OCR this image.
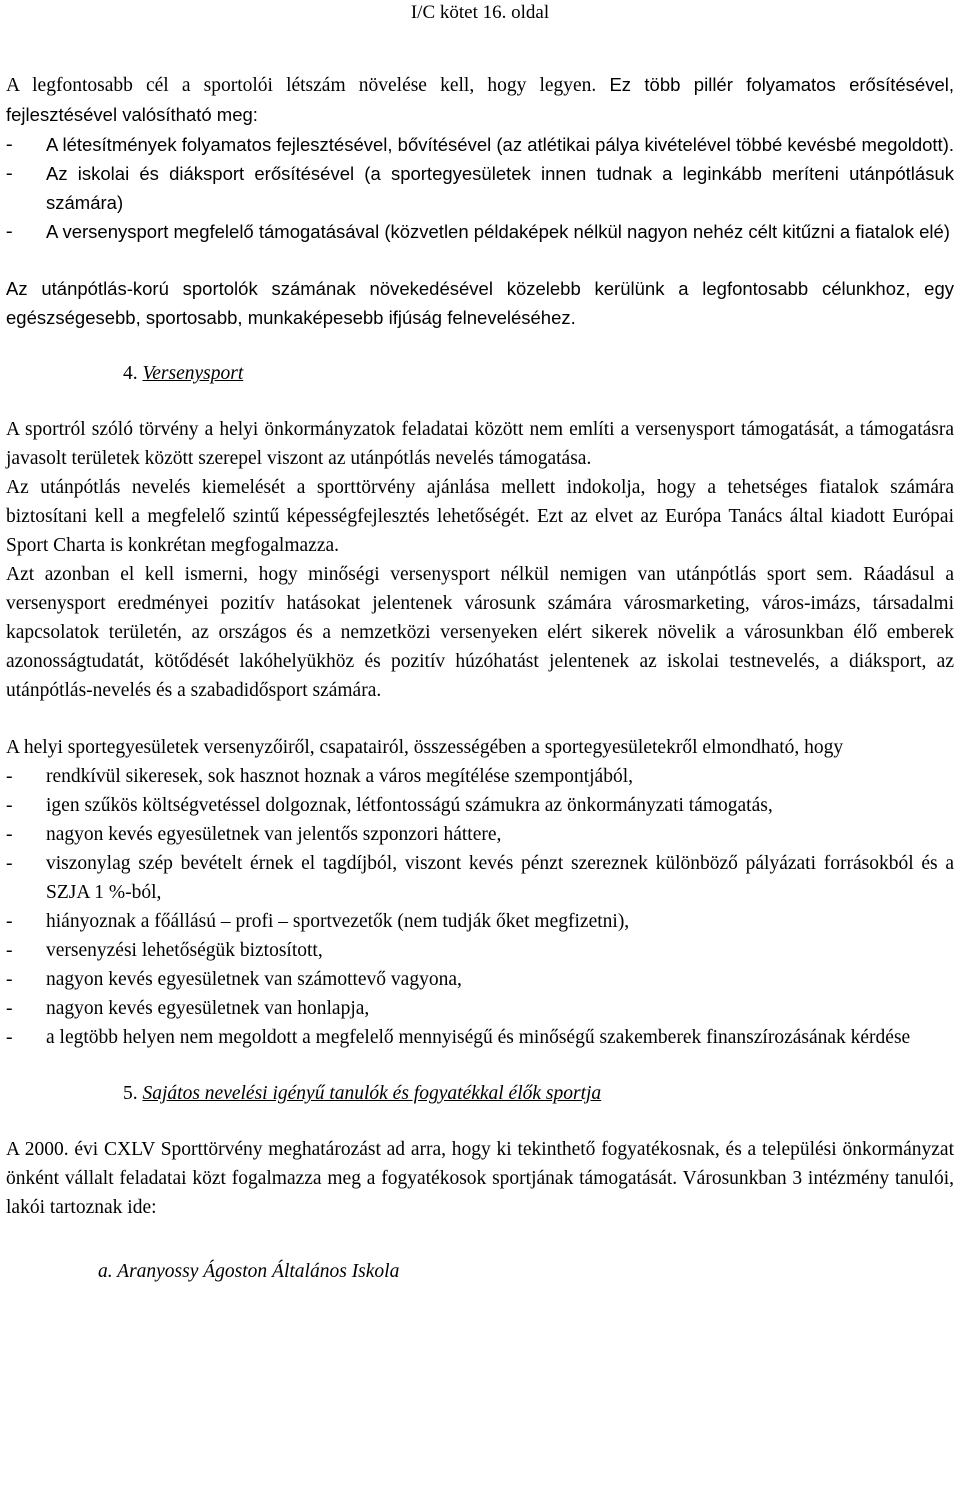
I/C kötet 16. oldal

A legfontosabb cél a sportolói létszám növelése kell, hogy legyen. Ez több pillér folyamatos erősítésével, fejlesztésével valósítható meg:

-	A létesítmények folyamatos fejlesztésével, bővítésével (az atlétikai pálya kivételével többé kevésbé megoldott).
-	Az iskolai és diáksport erősítésével (a sportegyesületek innen tudnak a leginkább meríteni utánpótlásuk számára)
-	A versenysport megfelelő támogatásával (közvetlen példaképek nélkül nagyon nehéz célt kitűzni a fiatalok elé)

Az utánpótlás-korú sportolók számának növekedésével közelebb kerülünk a legfontosabb célunkhoz, egy egészségesebb, sportosabb, munkaképesebb ifjúság felneveléséhez.

4. Versenysport

A sportról szóló törvény a helyi önkormányzatok feladatai között nem említi a versenysport támogatását, a támogatásra javasolt területek között szerepel viszont az utánpótlás nevelés támogatása.

Az utánpótlás nevelés kiemelését a sporttörvény ajánlása mellett indokolja, hogy a tehetséges fiatalok számára biztosítani kell a megfelelő szintű képességfejlesztés lehetőségét. Ezt az elvet az Európa Tanács által kiadott Európai Sport Charta is konkrétan megfogalmazza.

Azt azonban el kell ismerni, hogy minőségi versenysport nélkül nemigen van utánpótlás sport sem. Ráadásul a versenysport eredményei pozitív hatásokat jelentenek városunk számára városmarketing, város-imázs, társadalmi kapcsolatok területén, az országos és a nemzetközi versenyeken elért sikerek növelik a városunkban élő emberek azonosságtudatát, kötődését lakóhelyükhöz és pozitív húzóhatást jelentenek az iskolai testnevelés, a diáksport, az utánpótlás-nevelés és a szabadidősport számára.

A helyi sportegyesületek versenyzőiről, csapatairól, összességében a sportegyesületekről elmondható, hogy

-	rendkívül sikeresek, sok hasznot hoznak a város megítélése szempontjából,
-	igen szűkös költségvetéssel dolgoznak, létfontosságú számukra az önkormányzati támogatás,
-	nagyon kevés egyesületnek van jelentős szponzori háttere,
-	viszonylag szép bevételt érnek el tagdíjból, viszont kevés pénzt szereznek különböző pályázati forrásokból és a SZJA 1 %-ból,
-	hiányoznak a főállású – profi – sportvezetők (nem tudják őket megfizetni),
-	versenyzési lehetőségük biztosított,
-	nagyon kevés egyesületnek van számottevő vagyona,
-	nagyon kevés egyesületnek van honlapja,
-	a legtöbb helyen nem megoldott a megfelelő mennyiségű és minőségű szakemberek finanszírozásának kérdése
5. Sajátos nevelési igényű tanulók és fogyatékkal élők sportja

A 2000. évi CXLV Sporttörvény meghatározást ad arra, hogy ki tekinthető fogyatékosnak, és a települési önkormányzat önként vállalt feladatai közt fogalmazza meg a fogyatékosok sportjának támogatását. Városunkban 3 intézmény tanulói, lakói tartoznak ide:

a. Aranyossy Ágoston Általános Iskola
